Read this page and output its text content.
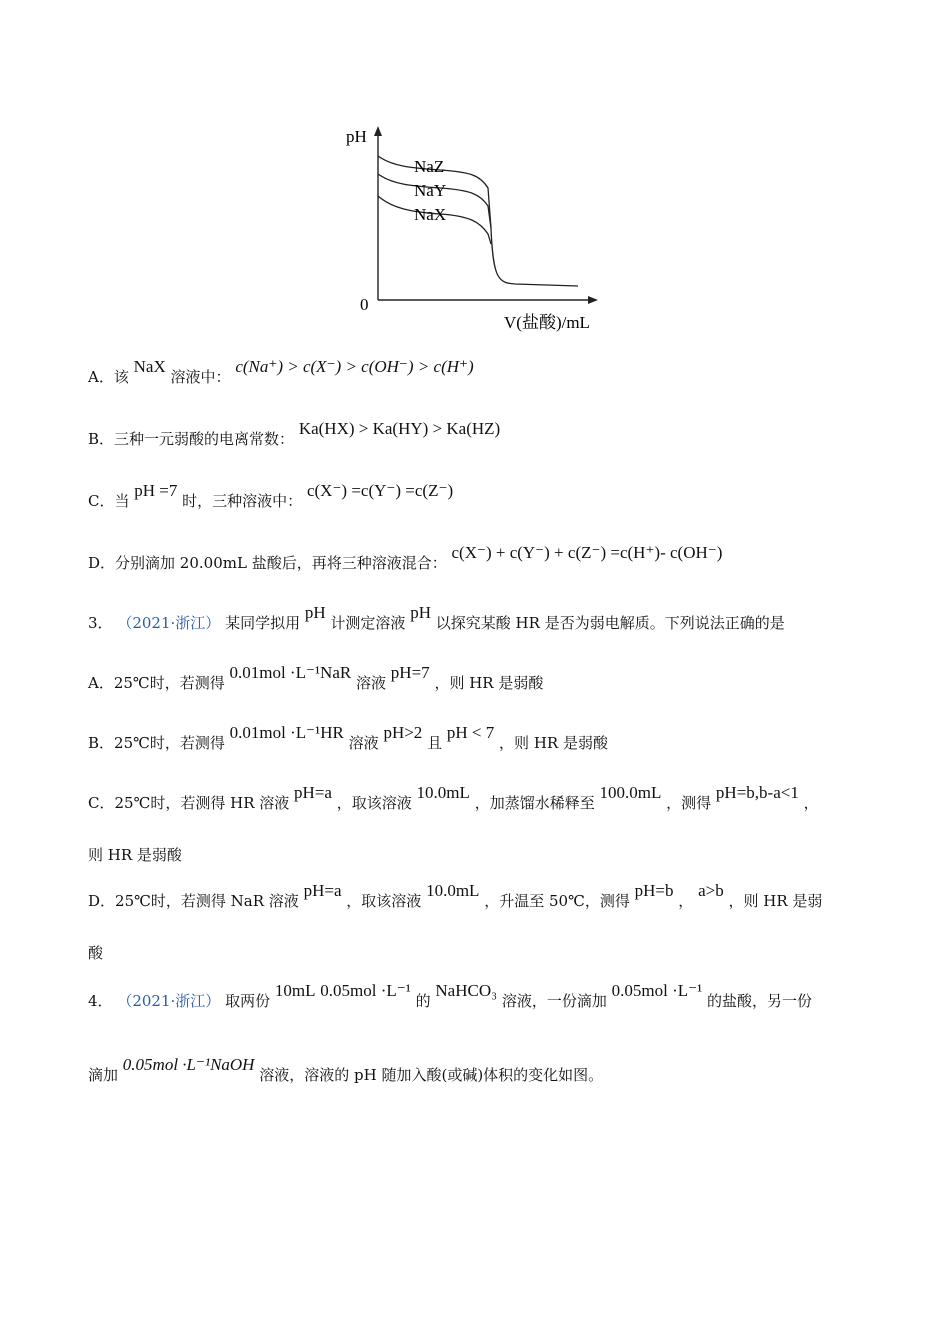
pH
0
NaZ
NaY
NaX
V(盐酸)/mL
A．该 NaX 溶液中： c(Na⁺) > c(X⁻) > c(OH⁻) > c(H⁺)
B．三种一元弱酸的电离常数： Ka(HX) > Ka(HY) > Ka(HZ)
C．当 pH =7 时，三种溶液中： c(X⁻) =c(Y⁻) =c(Z⁻)
D．分别滴加 20.00mL 盐酸后，再将三种溶液混合： c(X⁻) + c(Y⁻) + c(Z⁻) =c(H⁺)- c(OH⁻)
3． （2021·浙江） 某同学拟用 pH 计测定溶液 pH 以探究某酸 HR 是否为弱电解质。下列说法正确的是
A．25℃时，若测得 0.01mol ·L⁻¹NaR 溶液 pH=7 ，则 HR 是弱酸
B．25℃时，若测得 0.01mol ·L⁻¹HR 溶液 pH>2 且 pH < 7 ，则 HR 是弱酸
C．25℃时，若测得 HR 溶液 pH=a ，取该溶液 10.0mL ，加蒸馏水稀释至 100.0mL ，测得 pH=b,b-a<1 ，
则 HR 是弱酸
D．25℃时，若测得 NaR 溶液 pH=a ，取该溶液 10.0mL ，升温至 50℃，测得 pH=b ， a>b ，则 HR 是弱
酸
4． （2021·浙江） 取两份 10mL 0.05mol ·L⁻¹ 的 NaHCO₃ 溶液，一份滴加 0.05mol ·L⁻¹ 的盐酸，另一份
滴加 0.05mol ·L⁻¹NaOH 溶液，溶液的 pH 随加入酸(或碱)体积的变化如图。
